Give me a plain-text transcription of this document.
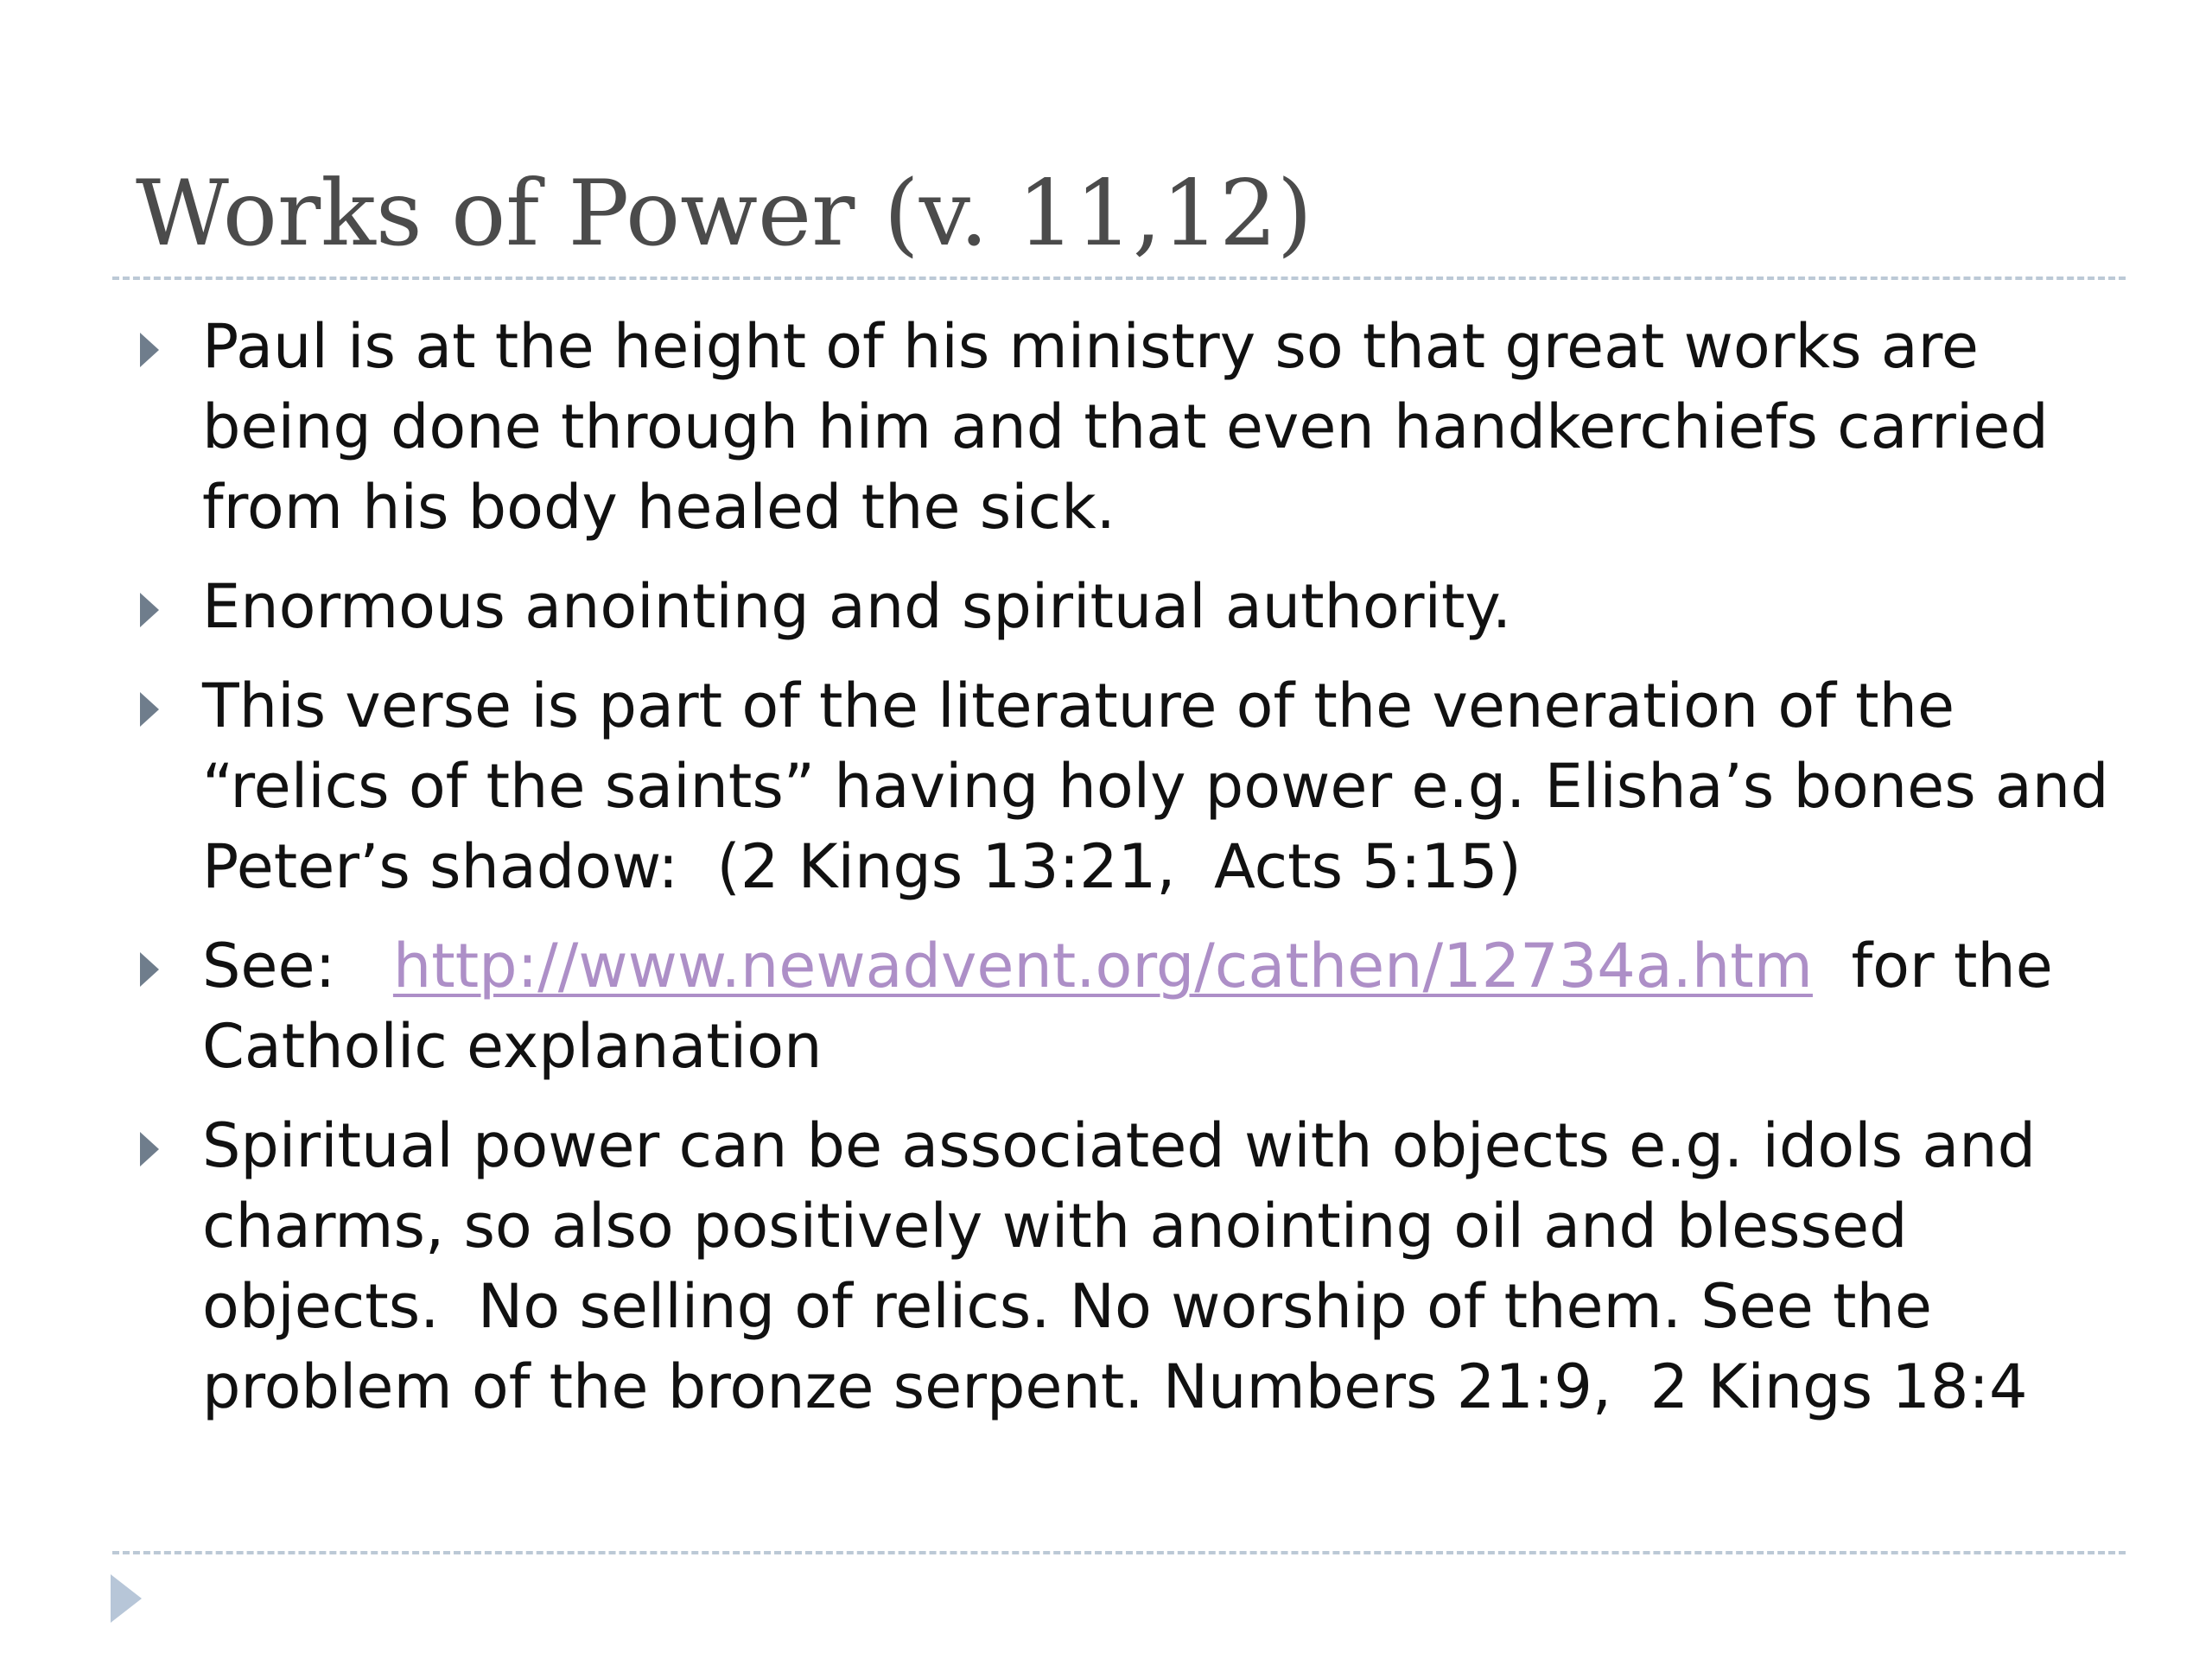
Works of Power (v. 11,12)
Paul is at the height of his ministry so that great works are being done through him and that even handkerchiefs carried from his body healed the sick.
Enormous anointing and spiritual authority.
This verse is part of the literature of the veneration of the “relics of the saints” having holy power e.g. Elisha’s bones and Peter’s shadow:  (2 Kings 13:21,  Acts 5:15)
See:   http://www.newadvent.org/cathen/12734a.htm  for the Catholic explanation
Spiritual power can be associated with objects e.g. idols and charms, so also positively with anointing oil and blessed objects.  No selling of relics. No worship of them. See the problem of the bronze serpent. Numbers 21:9,  2 Kings 18:4
